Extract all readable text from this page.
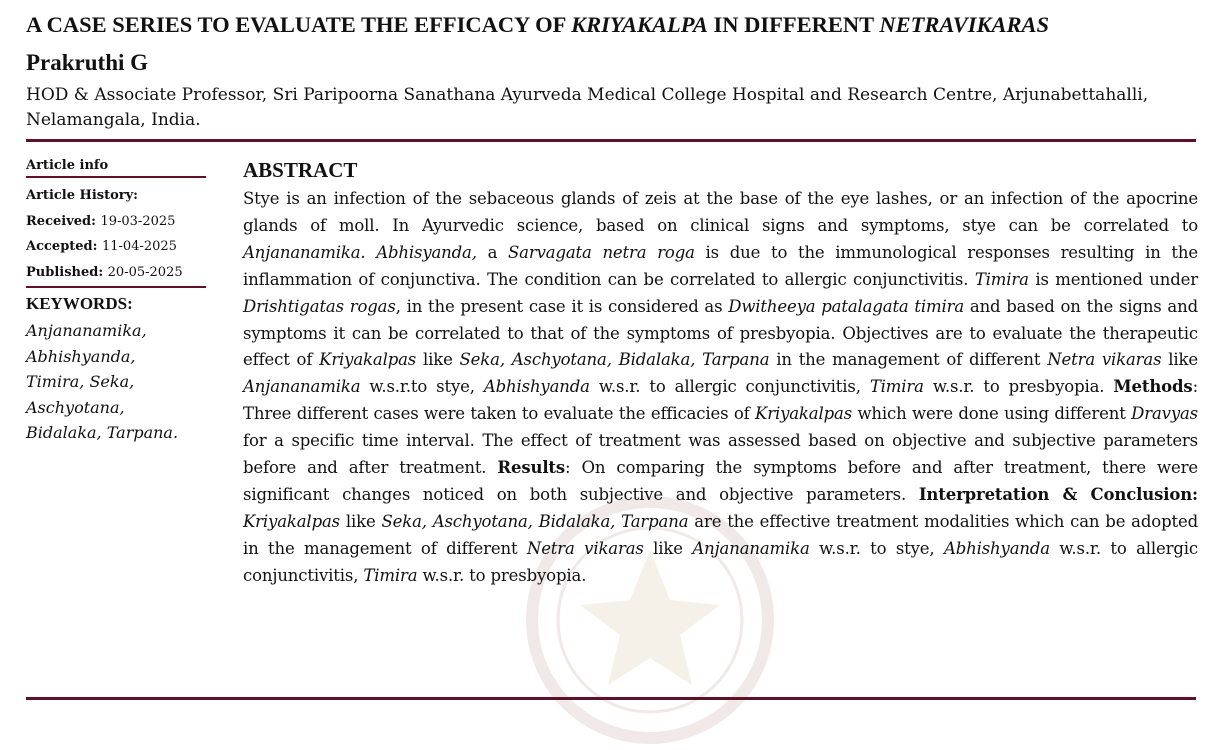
A CASE SERIES TO EVALUATE THE EFFICACY OF KRIYAKALPA IN DIFFERENT NETRAVIKARAS
Prakruthi G

HOD & Associate Professor, Sri Paripoorna Sanathana Ayurveda Medical College Hospital and Research Centre, Arjunabettahalli, Nelamangala, India.

Article info
Article History:
Received: 19-03-2025
Accepted: 11-04-2025
Published: 20-05-2025
KEYWORDS:
Anjananamika,
Abhishyanda,
Timira, Seka,
Aschyotana,
Bidalaka, Tarpana.
ABSTRACT

Stye is an infection of the sebaceous glands of zeis at the base of the eye lashes, or an infection of the apocrine glands of moll. In Ayurvedic science, based on clinical signs and symptoms, stye can be correlated to Anjananamika. Abhisyanda, a Sarvagata netra roga is due to the immunological responses resulting in the inflammation of conjunctiva. The condition can be correlated to allergic conjunctivitis. Timira is mentioned under Drishtigatas rogas, in the present case it is considered as Dwitheeya patalagata timira and based on the signs and symptoms it can be correlated to that of the symptoms of presbyopia. Objectives are to evaluate the therapeutic effect of Kriyakalpas like Seka, Aschyotana, Bidalaka, Tarpana in the management of different Netra vikaras like Anjananamika w.s.r.to stye, Abhishyanda w.s.r. to allergic conjunctivitis, Timira w.s.r. to presbyopia. Methods: Three different cases were taken to evaluate the efficacies of Kriyakalpas which were done using different Dravyas for a specific time interval. The effect of treatment was assessed based on objective and subjective parameters before and after treatment. Results: On comparing the symptoms before and after treatment, there were significant changes noticed on both subjective and objective parameters. Interpretation & Conclusion: Kriyakalpas like Seka, Aschyotana, Bidalaka, Tarpana are the effective treatment modalities which can be adopted in the management of different Netra vikaras like Anjananamika w.s.r. to stye, Abhishyanda w.s.r. to allergic conjunctivitis, Timira w.s.r. to presbyopia.
